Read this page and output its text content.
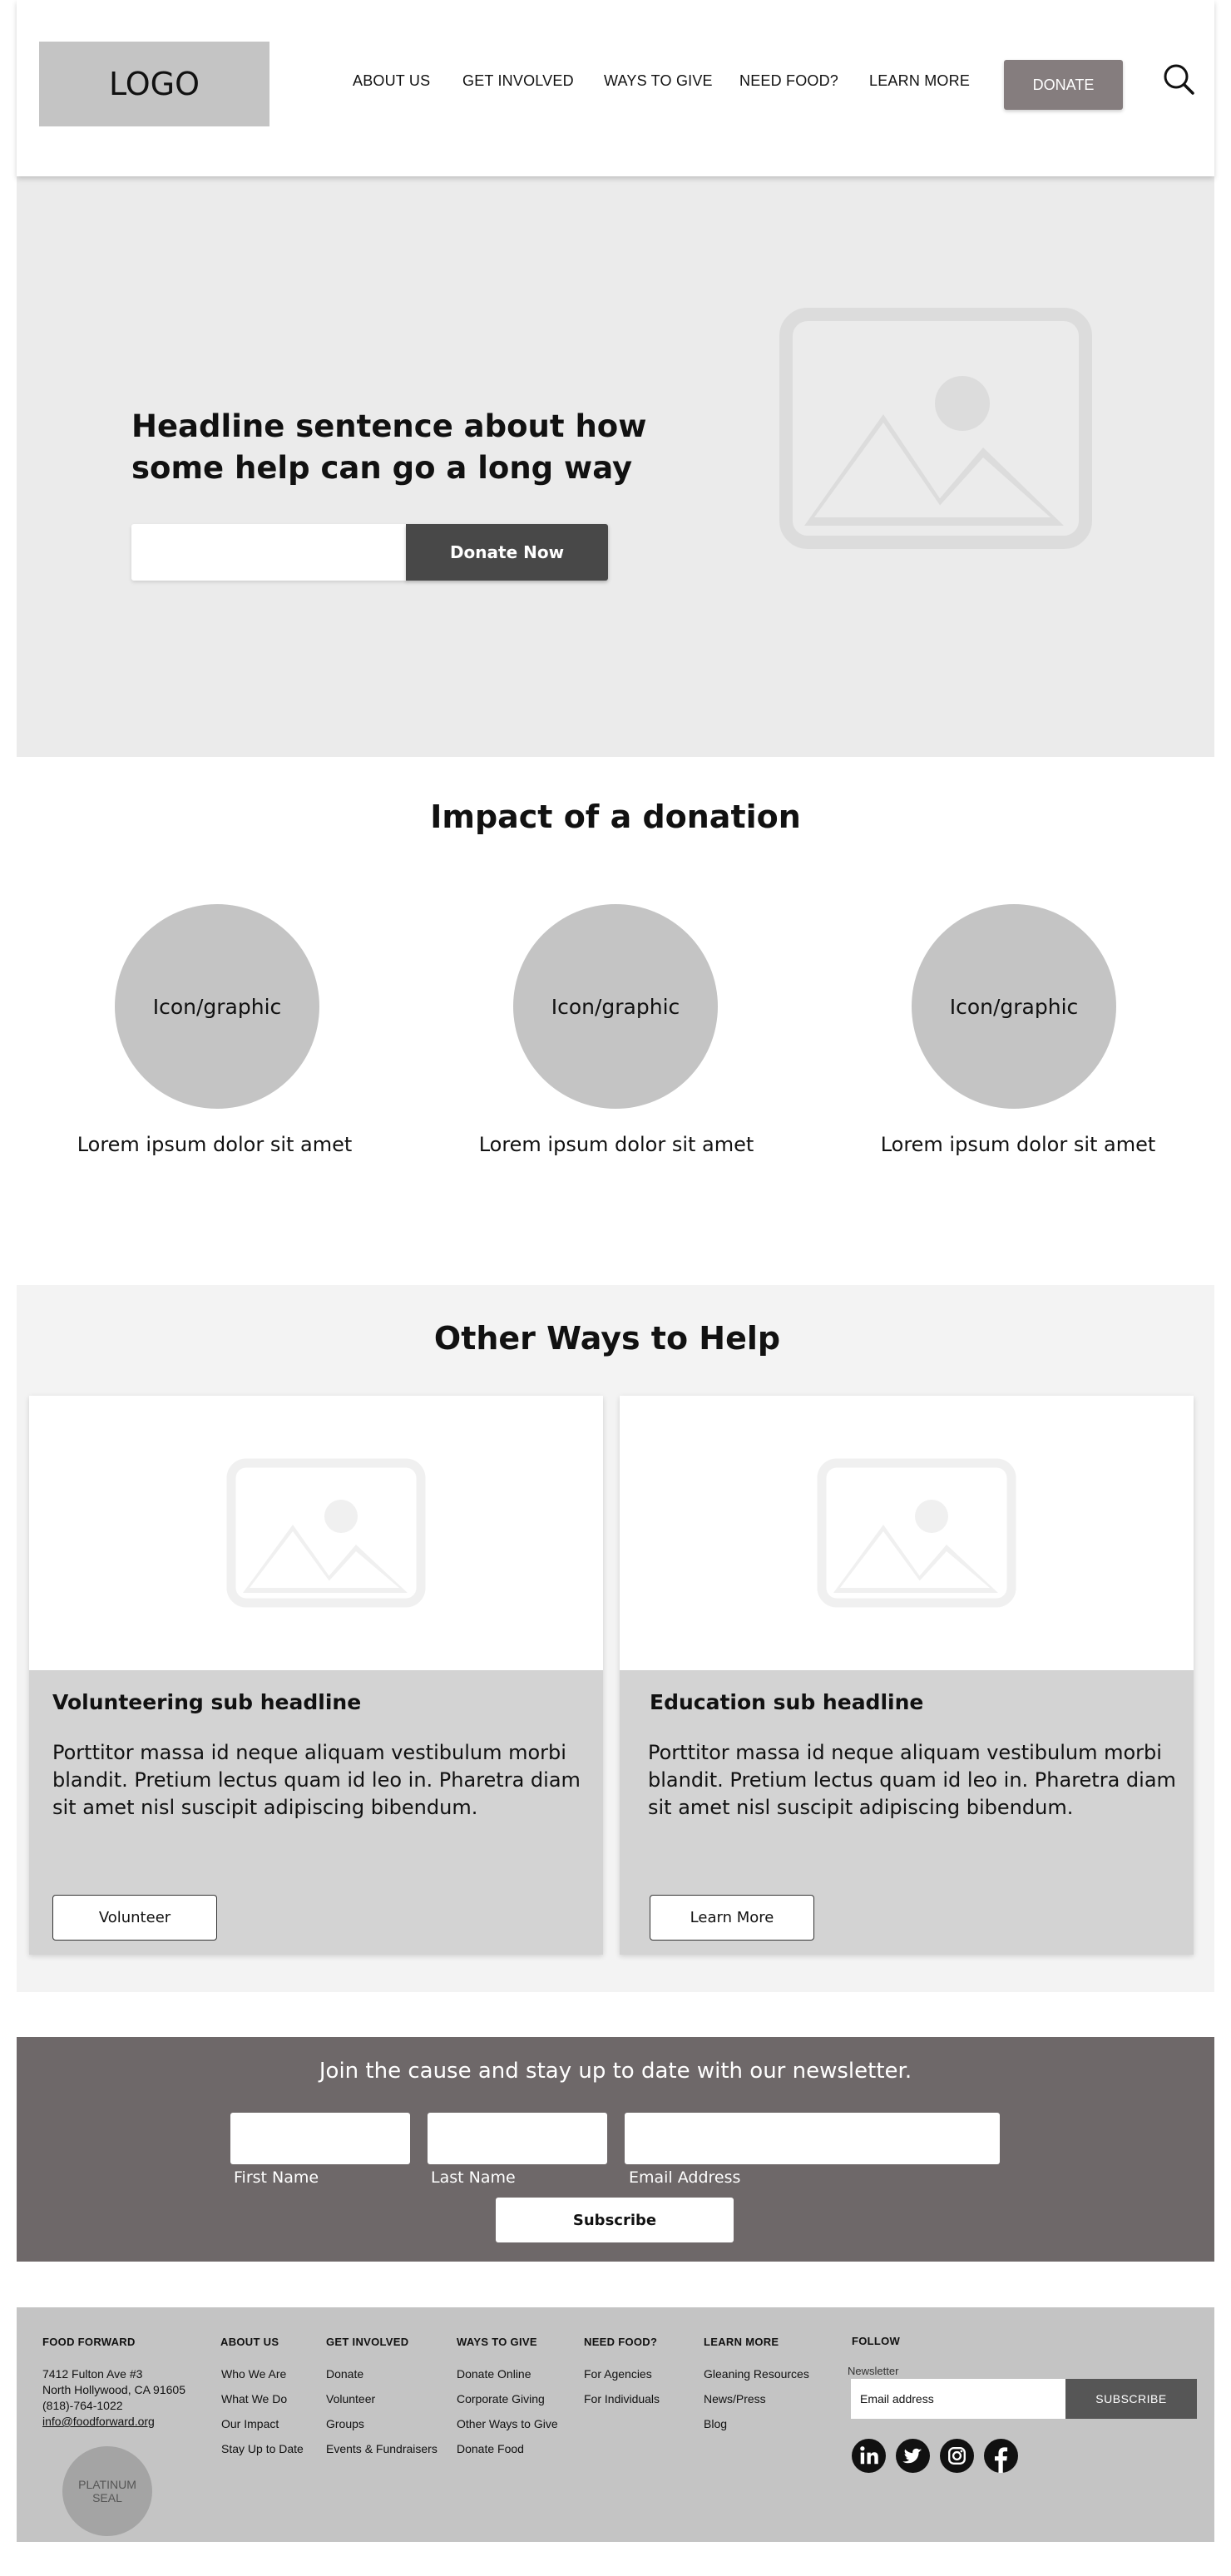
LOGO	ABOUT US GET INVOLVED WAYS TO GIVE NEED FOOD? LEARN MORE	DONATE
Headline sentence about how some help can go a long way
Donate Now
Impact of a donation
Icon/graphic	Icon/graphic	Icon/graphic
Lorem ipsum dolor sit amet	Lorem ipsum dolor sit amet	Lorem ipsum dolor sit amet
Other Ways to Help
Volunteering sub headline
Porttitor massa id neque aliquam vestibulum morbi blandit. Pretium lectus quam id leo in. Pharetra diam sit amet nisl suscipit adipiscing bibendum.
Volunteer
Education sub headline
Porttitor massa id neque aliquam vestibulum morbi blandit. Pretium lectus quam id leo in. Pharetra diam sit amet nisl suscipit adipiscing bibendum.
Learn More
Join the cause and stay up to date with our newsletter.
First Name	Last Name	Email Address
Subscribe
FOOD FORWARD
7412 Fulton Ave #3
North Hollywood, CA 91605
(818)-764-1022
info@foodforward.org
PLATINUM
SEAL
ABOUT US
Who We Are
What We Do
Our Impact
Stay Up to Date
GET INVOLVED
Donate
Volunteer
Groups
Events & Fundraisers
WAYS TO GIVE
Donate Online
Corporate Giving
Other Ways to Give
Donate Food
NEED FOOD?
For Agencies
For Individuals
LEARN MORE
Gleaning Resources
News/Press
Blog
FOLLOW
Newsletter
Email address	SUBSCRIBE
